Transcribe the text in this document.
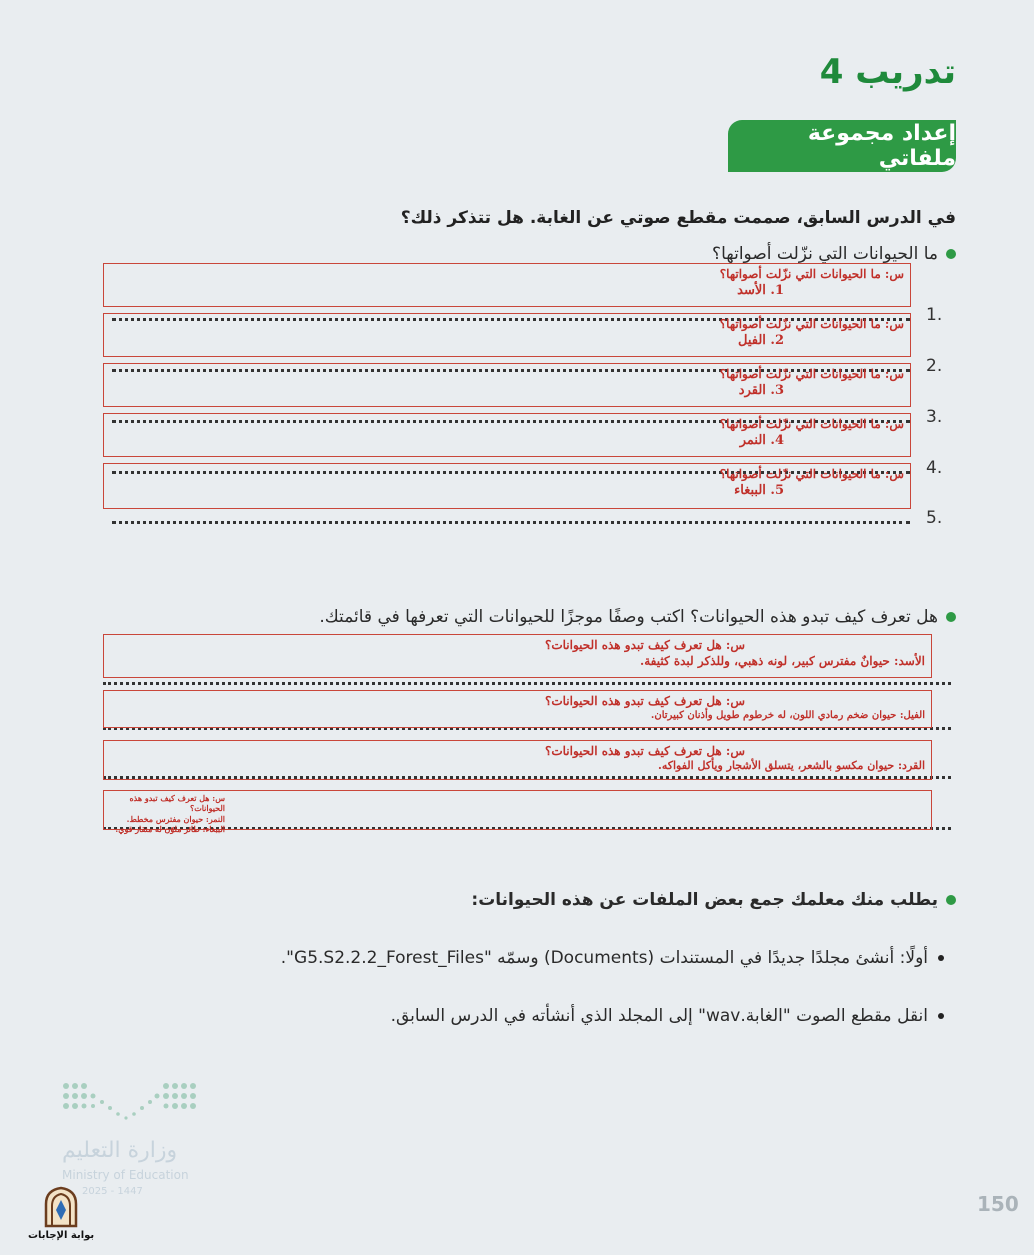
تدريب 4
إعداد مجموعة ملفاتي
في الدرس السابق، صممت مقطع صوتي عن الغابة. هل تتذكر ذلك؟
ما الحيوانات التي نزّلت أصواتها؟
1.
2.
3.
4.
5.
س: ما الحيوانات التي نزّلت أصواتها؟
1. الأسد
س: ما الحيوانات التي نزّلت أصواتها؟
2. الفيل
س: ما الحيوانات التي نزّلت أصواتها؟
3. القرد
س: ما الحيوانات التي نزّلت أصواتها؟
4. النمر
س: ما الحيوانات التي نزّلت أصواتها؟
5. الببغاء
هل تعرف كيف تبدو هذه الحيوانات؟ اكتب وصفًا موجزًا للحيوانات التي تعرفها في قائمتك.
س: هل تعرف كيف تبدو هذه الحيوانات؟
الأسد: حيوانٌ مفترس كبير، لونه ذهبي، وللذكر لبدة كثيفة.
س: هل تعرف كيف تبدو هذه الحيوانات؟
الفيل: حيوان ضخم رمادي اللون، له خرطوم طويل وأذنان كبيرتان.
س: هل تعرف كيف تبدو هذه الحيوانات؟
القرد: حيوان مكسو بالشعر، يتسلق الأشجار ويأكل الفواكه.
س: هل تعرف كيف تبدو هذه الحيوانات؟
النمر: حيوان مفترس مخطط.
الببغاء: طائر ملوّن له منقار قوي.
يطلب منك معلمك جمع بعض الملفات عن هذه الحيوانات:
أولًا: أنشئ مجلدًا جديدًا في المستندات (Documents) وسمّه "G5.S2.2.2_Forest_Files".
انقل مقطع الصوت "الغابة.wav" إلى المجلد الذي أنشأته في الدرس السابق.
وزارة التعليم
Ministry of Education
2025 - 1447
بوابة الإجابات
150
